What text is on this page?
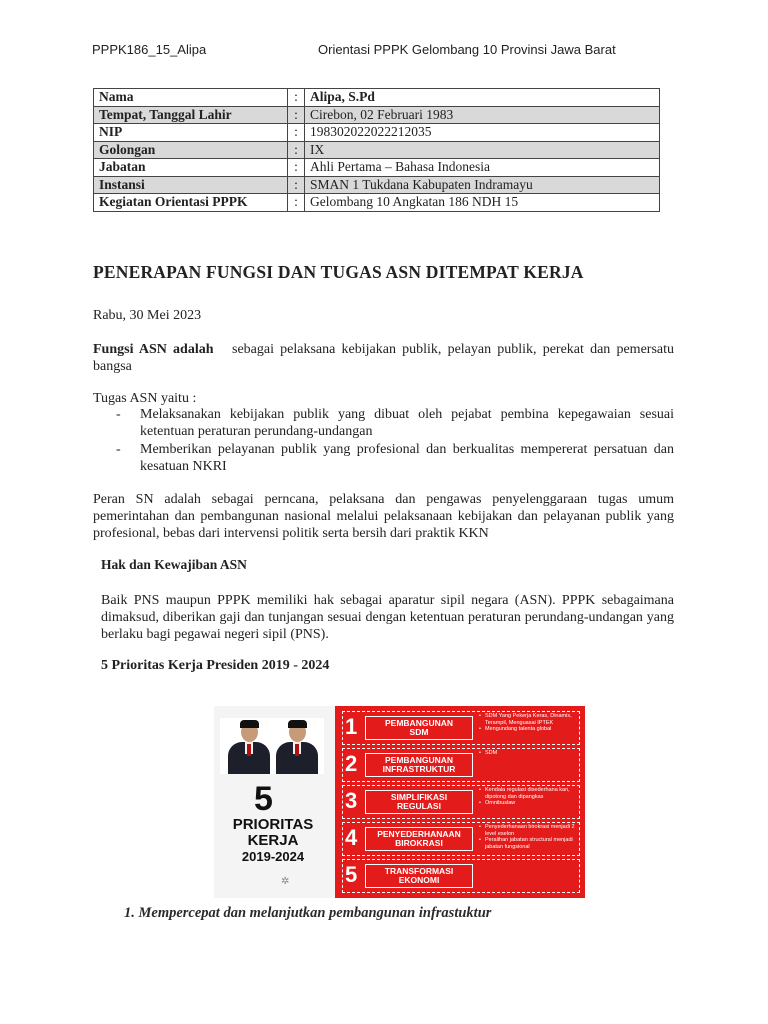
PPPK186_15_Alipa	Orientasi PPPK Gelombang 10 Provinsi Jawa Barat
Nama	:	Alipa, S.Pd
Tempat, Tanggal Lahir	:	Cirebon, 02 Februari 1983
NIP	:	198302022022212035
Golongan	:	IX
Jabatan	:	Ahli Pertama – Bahasa Indonesia
Instansi	:	SMAN 1 Tukdana Kabupaten Indramayu
Kegiatan Orientasi PPPK	:	Gelombang 10 Angkatan 186 NDH 15
PENERAPAN FUNGSI DAN TUGAS ASN DITEMPAT KERJA
Rabu, 30 Mei 2023
Fungsi ASN adalah sebagai pelaksana kebijakan publik, pelayan publik, perekat dan pemersatu bangsa
Tugas ASN yaitu :
- Melaksanakan kebijakan publik yang dibuat oleh pejabat pembina kepegawaian sesuai ketentuan peraturan perundang-undangan
- Memberikan pelayanan publik yang profesional dan berkualitas mempererat persatuan dan kesatuan NKRI
Peran SN adalah sebagai perncana, pelaksana dan pengawas penyelenggaraan tugas umum pemerintahan dan pembangunan nasional melalui pelaksanaan kebijakan dan pelayanan publik yang profesional, bebas dari intervensi politik serta bersih dari praktik KKN
Hak dan Kewajiban ASN
Baik PNS maupun PPPK memiliki hak sebagai aparatur sipil negara (ASN). PPPK sebagaimana dimaksud, diberikan gaji dan tunjangan sesuai dengan ketentuan peraturan perundang-undangan yang berlaku bagi pegawai negeri sipil (PNS).
5 Prioritas Kerja Presiden 2019 - 2024
5
PRIORITAS
KERJA
2019-2024
✲
1	PEMBANGUNAN
SDM
• SDM Yang Pekerja Keras, Dinamis, Terampil, Menguasai IPTEK
• Mengundang talenta global
2	PEMBANGUNAN
INFRASTRUKTUR
• SDM
3	SIMPLIFIKASI
REGULASI
• Kendala regulasi disederhana kan, dipotong dan dipangkas
• Omnibuslaw
4 PENYEDERHANAAN
BIROKRASI
• Penyederhanaan birokrasi menjadi 2 level eselon
• Peralihan jabatan structural menjadi jabatan fungsional
5	TRANSFORMASI
EKONOMI
1. Mempercepat dan melanjutkan pembangunan infrastuktur
